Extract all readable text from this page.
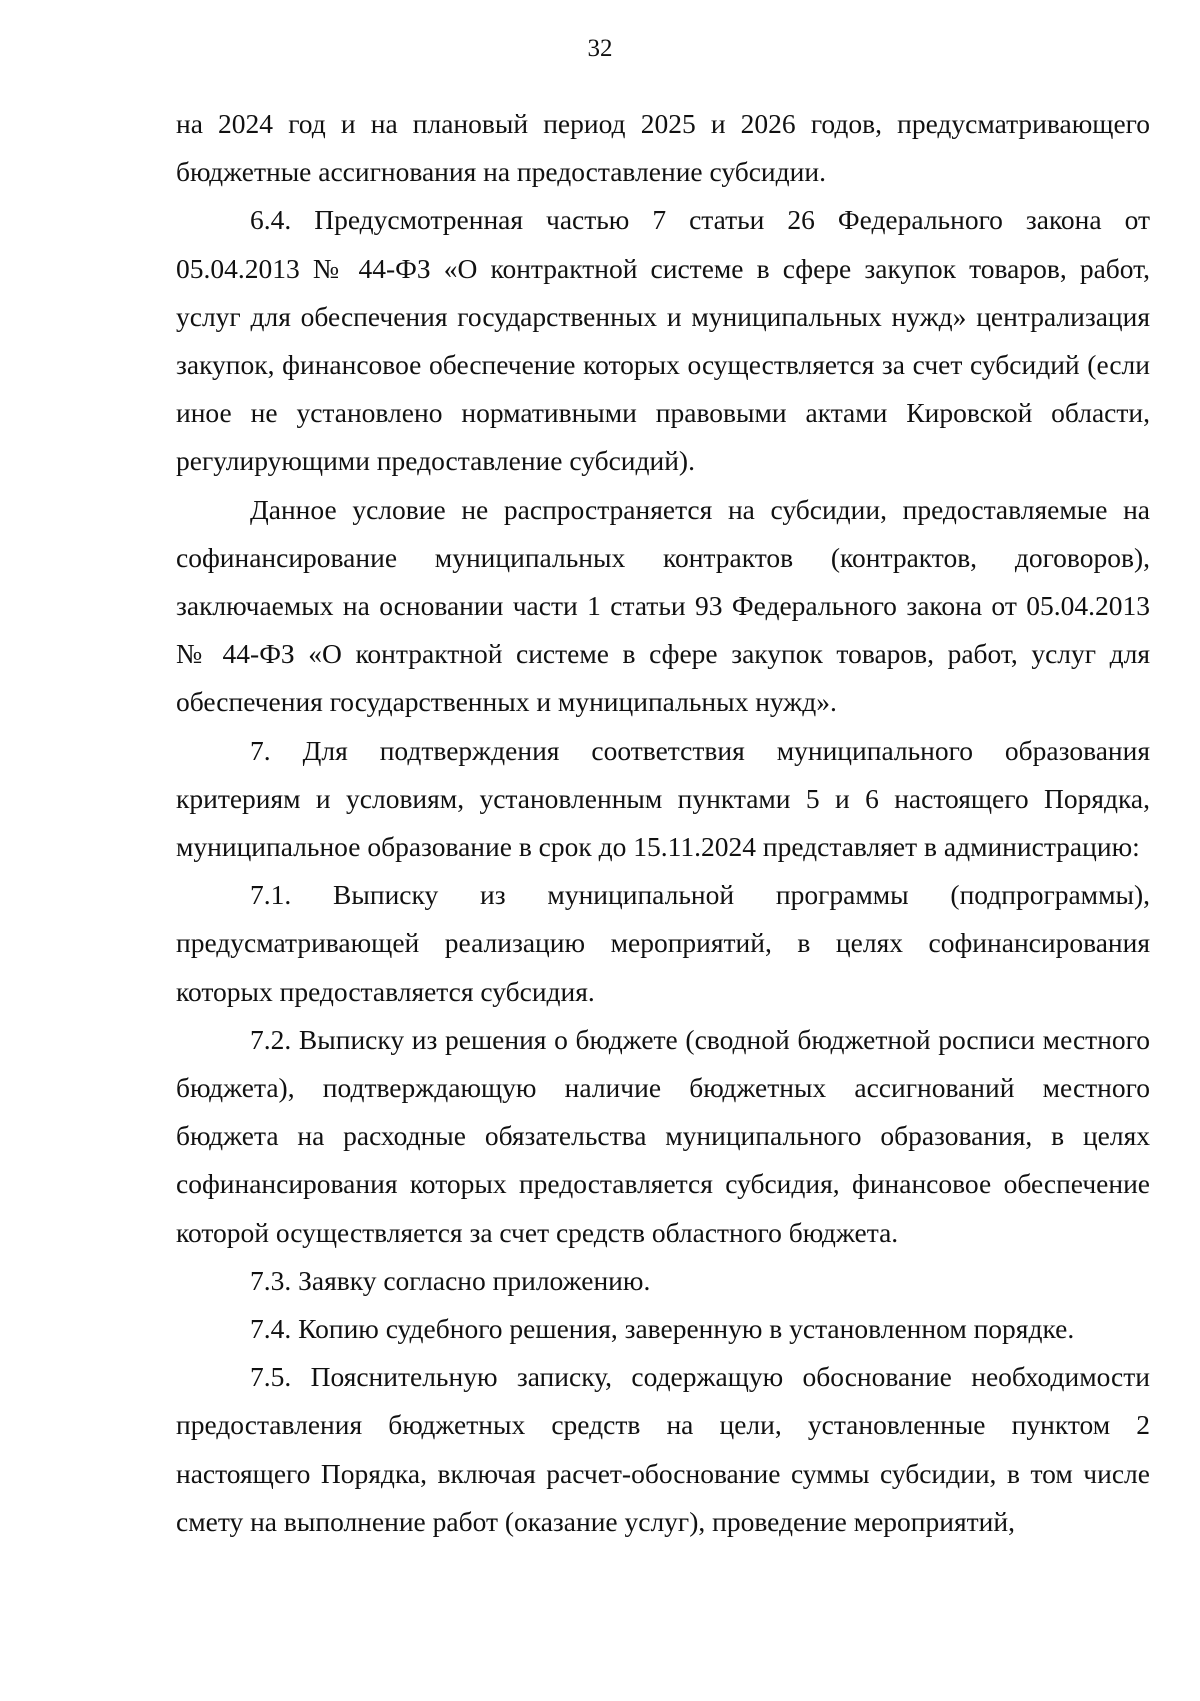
32

на 2024 год и на плановый период 2025 и 2026 годов, предусматривающего бюджетные ассигнования на предоставление субсидии.

6.4. Предусмотренная частью 7 статьи 26 Федерального закона от 05.04.2013 № 44-ФЗ «О контрактной системе в сфере закупок товаров, работ, услуг для обеспечения государственных и муниципальных нужд» централизация закупок, финансовое обеспечение которых осуществляется за счет субсидий (если иное не установлено нормативными правовыми актами Кировской области, регулирующими предоставление субсидий).

Данное условие не распространяется на субсидии, предоставляемые на софинансирование муниципальных контрактов (контрактов, договоров), заключаемых на основании части 1 статьи 93 Федерального закона от 05.04.2013 № 44-ФЗ «О контрактной системе в сфере закупок товаров, работ, услуг для обеспечения государственных и муниципальных нужд».

7. Для подтверждения соответствия муниципального образования критериям и условиям, установленным пунктами 5 и 6 настоящего Порядка, муниципальное образование в срок до 15.11.2024 представляет в администрацию:

7.1. Выписку из муниципальной программы (подпрограммы), предусматривающей реализацию мероприятий, в целях софинансирования которых предоставляется субсидия.

7.2. Выписку из решения о бюджете (сводной бюджетной росписи местного бюджета), подтверждающую наличие бюджетных ассигнований местного бюджета на расходные обязательства муниципального образования, в целях софинансирования которых предоставляется субсидия, финансовое обеспечение которой осуществляется за счет средств областного бюджета.

7.3. Заявку согласно приложению.

7.4. Копию судебного решения, заверенную в установленном порядке.

7.5. Пояснительную записку, содержащую обоснование необходимости предоставления бюджетных средств на цели, установленные пунктом 2 настоящего Порядка, включая расчет-обоснование суммы субсидии, в том числе смету на выполнение работ (оказание услуг), проведение мероприятий,
